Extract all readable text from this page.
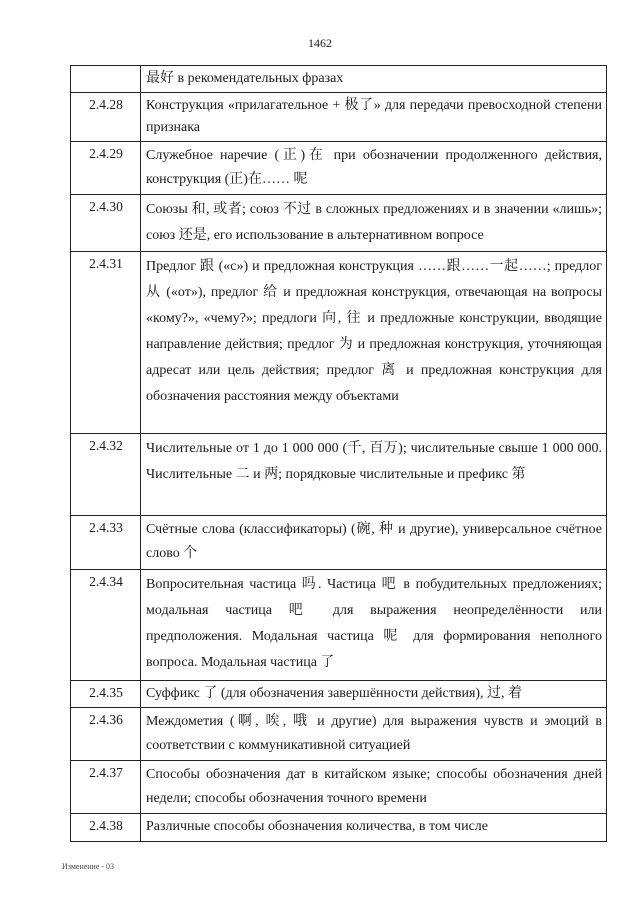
1462
	最好 в рекомендательных фразах
2.4.28	Конструкция «прилагательное + 极了» для передачи превосходной степени признака
2.4.29	Служебное наречие (正)在 при обозначении продолженного действия, конструкция (正)在…… 呢
2.4.30	Союзы 和, 或者; союз 不过 в сложных предложениях и в значении «лишь»; союз 还是, его использование в альтернативном вопросе
2.4.31	Предлог 跟 («с») и предложная конструкция ……跟……一起……; предлог 从 («от»), предлог 给 и предложная конструкция, отвечающая на вопросы «кому?», «чему?»; предлоги 向, 往 и предложные конструкции, вводящие направление действия; предлог 为 и предложная конструкция, уточняющая адресат или цель действия; предлог 离 и предложная конструкция для обозначения расстояния между объектами
2.4.32	Числительные от 1 до 1 000 000 (千, 百万); числительные свыше 1 000 000. Числительные 二 и 两; порядковые числительные и префикс 第
2.4.33	Счётные слова (классификаторы) (碗, 种 и другие), универсальное счётное слово 个
2.4.34	Вопросительная частица 吗. Частица 吧 в побудительных предложениях; модальная частица 吧 для выражения неопределённости или предположения. Модальная частица 呢 для формирования неполного вопроса. Модальная частица 了
2.4.35	Суффикс 了 (для обозначения завершённости действия), 过, 着
2.4.36	Междометия (啊, 唉, 哦 и другие) для выражения чувств и эмоций в соответствии с коммуникативной ситуацией
2.4.37	Способы обозначения дат в китайском языке; способы обозначения дней недели; способы обозначения точного времени
2.4.38	Различные способы обозначения количества, в том числе
Изменение - 03
